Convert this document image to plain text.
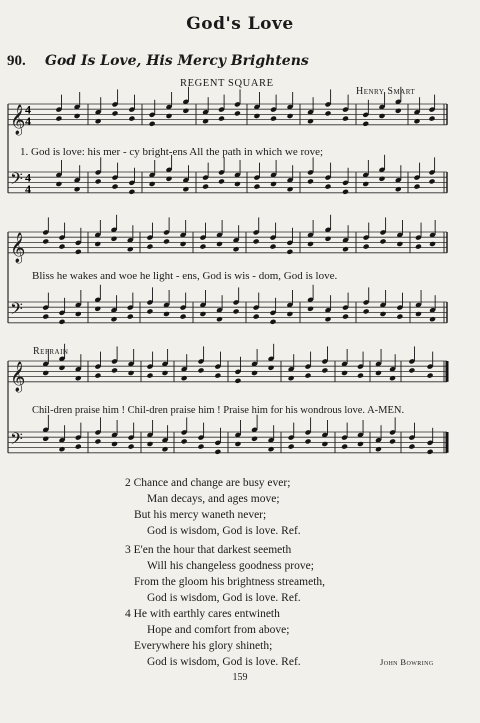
God's Love
90. God Is Love, His Mercy Brightens
REGENT SQUARE
Henry Smart
𝄞 4
4
𝄢 4
4
𝄞
𝄢
𝄞
𝄢
1. God is love: his mer - cy bright-ens All the path in which we rove;
Bliss he wakes and woe he light - ens, God is wis - dom, God is love.
Refrain
Chil-dren praise him ! Chil-dren praise him ! Praise him for his wondrous love. A-MEN.
2 Chance and change are busy ever;
Man decays, and ages move;
But his mercy waneth never;
God is wisdom, God is love. Ref.
3 E'en the hour that darkest seemeth
Will his changeless goodness prove;
From the gloom his brightness streameth,
God is wisdom, God is love. Ref.
4 He with earthly cares entwineth
Hope and comfort from above;
Everywhere his glory shineth;
God is wisdom, God is love. Ref.	John Bowring
159
